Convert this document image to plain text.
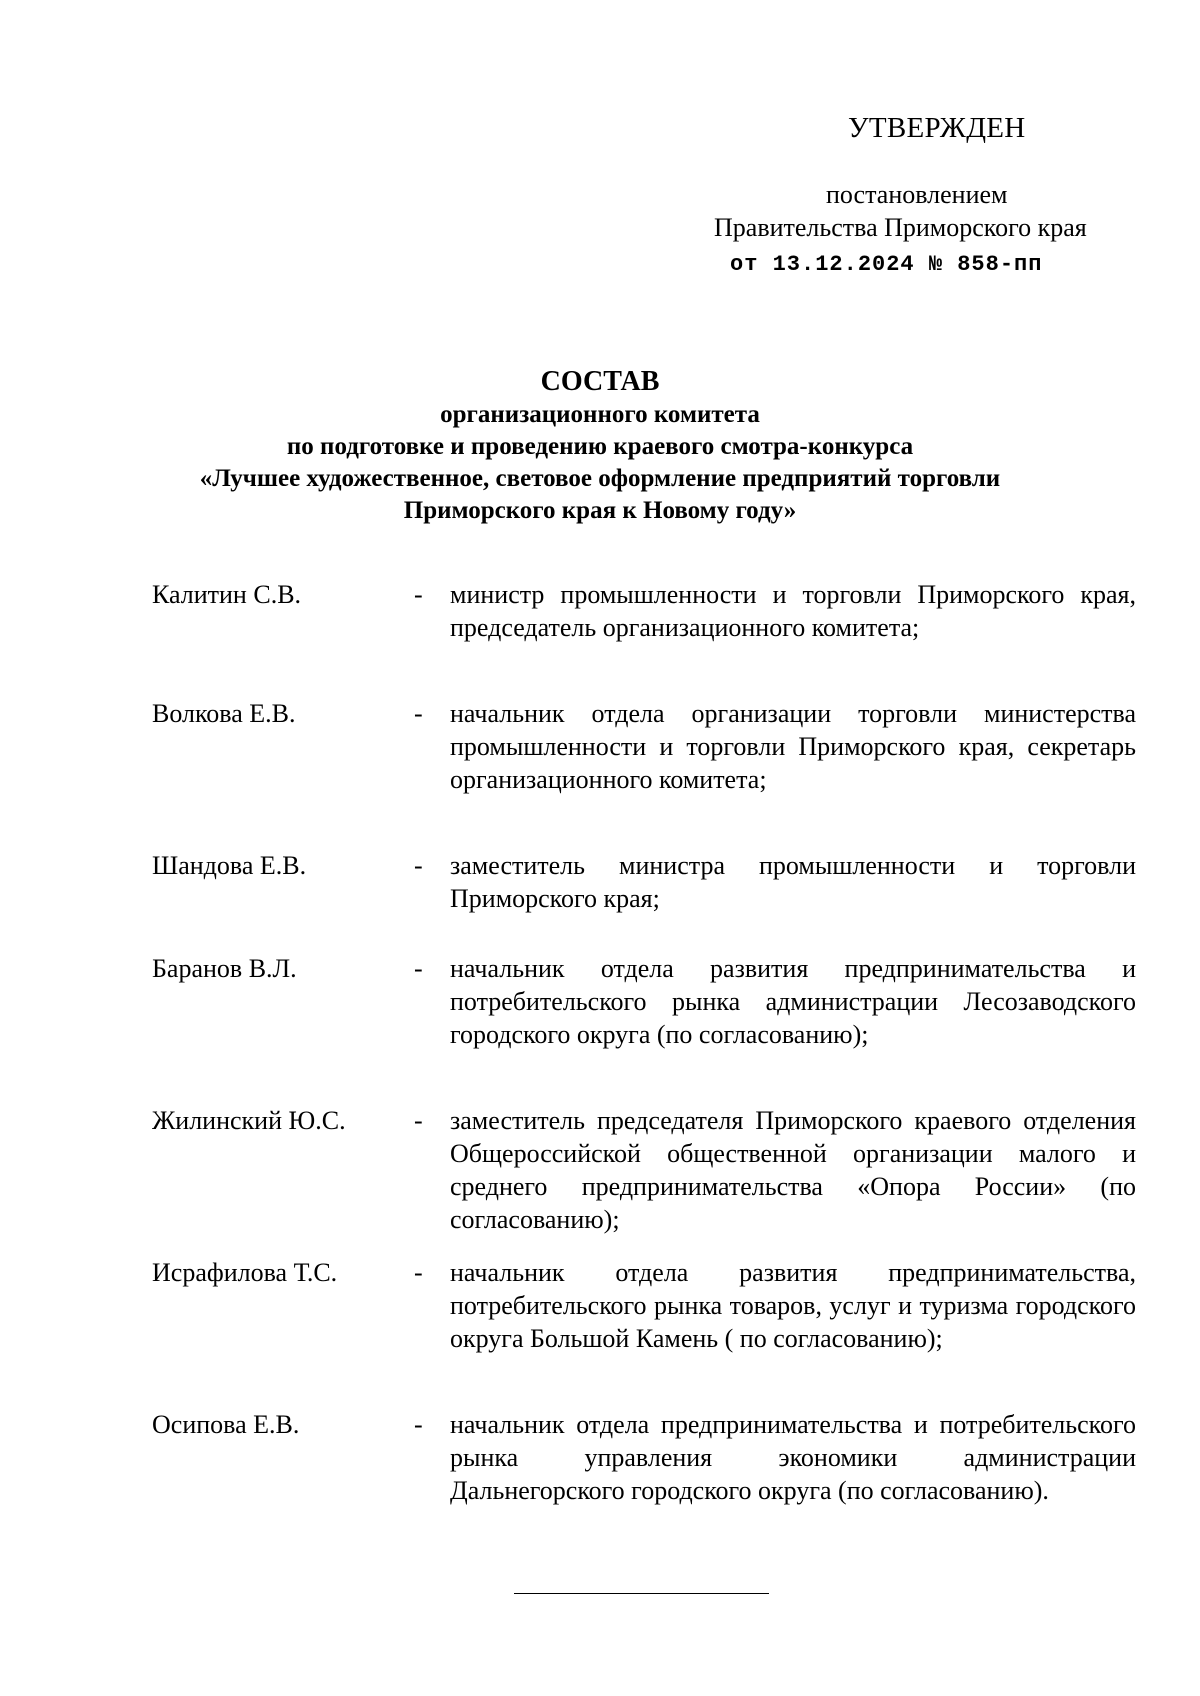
УТВЕРЖДЕН
постановлением
Правительства Приморского края
от 13.12.2024 № 858-пп
СОСТАВ
организационного комитета
по подготовке и проведению краевого смотра-конкурса
«Лучшее художественное, световое оформление предприятий торговли
Приморского края к Новому году»
Калитин С.В.	- министр промышленности и торговли Приморского края, председатель организационного комитета;
Волкова Е.В.	- начальник отдела организации торговли министерства промышленности и торговли Приморского края, секретарь организационного комитета;
Шандова Е.В.	- заместитель министра промышленности и торговли Приморского края;
Баранов В.Л.	- начальник отдела развития предпринимательства и потребительского рынка администрации Лесозаводского городского округа (по согласованию);
Жилинский Ю.С.	- заместитель председателя Приморского краевого отделения Общероссийской общественной организации малого и среднего предпринимательства «Опора России» (по согласованию);
Исрафилова Т.С.	- начальник отдела развития предпринимательства, потребительского рынка товаров, услуг и туризма городского округа Большой Камень ( по согласованию);
Осипова Е.В.	- начальник отдела предпринимательства и потребительского рынка управления экономики администрации Дальнегорского городского округа (по согласованию).
